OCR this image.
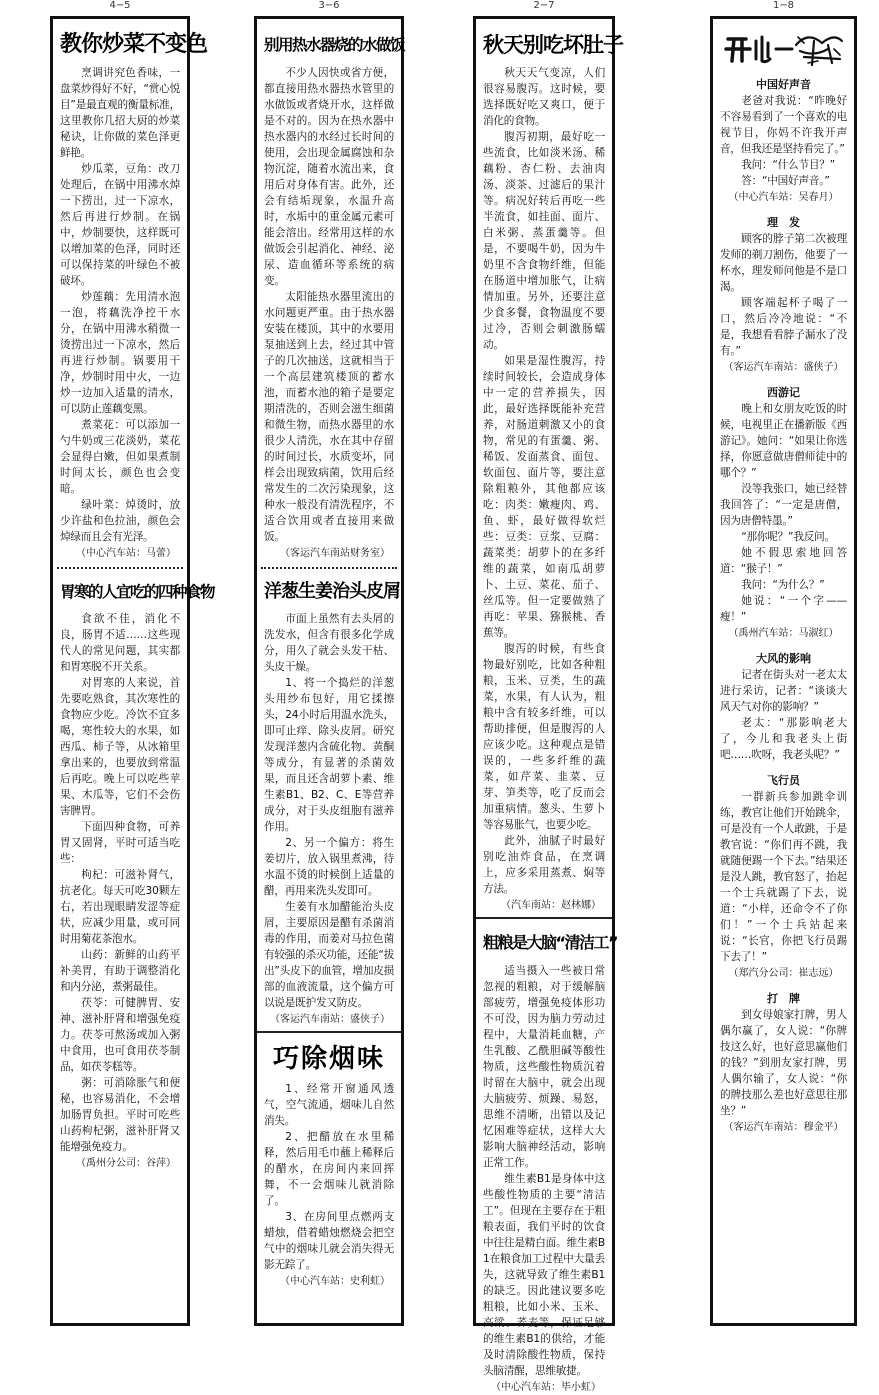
4−5	3−6	2−7	1−8
教你炒菜不变色

烹调讲究色香味，一盘菜炒得好不好，“赏心悦目”是最直观的衡量标准，这里教你几招大厨的炒菜秘诀，让你做的菜色泽更鲜艳。

炒瓜菜，豆角：改刀处理后，在锅中用沸水焯一下捞出，过一下凉水，然后再进行炒制。在锅中，炒制要快，这样既可以增加菜的色泽，同时还可以保持菜的叶绿色不被破坏。

炒莲藕：先用清水泡一泡，将藕洗净控干水分，在锅中用沸水稍微一烫捞出过一下凉水，然后再进行炒制。锅要用干净，炒制时用中火，一边炒一边加入适量的清水，可以防止莲藕变黑。

煮菜花：可以添加一勺牛奶或三花淡奶，菜花会显得白嫩，但如果煮制时间太长，颜色也会变暗。

绿叶菜：焯烫时，放少许盐和色拉油，颜色会焯绿而且会有光泽。

（中心汽车站：马蕾）
胃寒的人宜吃的四种食物

食欲不佳，消化不良，肠胃不适……这些现代人的常见问题，其实都和胃寒脱不开关系。

对胃寒的人来说，首先要吃熟食，其次寒性的食物应少吃。冷饮不宜多喝，寒性较大的水果，如西瓜、柿子等，从冰箱里拿出来的，也要放到常温后再吃。晚上可以吃些苹果、木瓜等，它们不会伤害脾胃。

下面四种食物，可养胃又固肾，平时可适当吃些：

枸杞：可滋补肾气，抗老化。每天可吃30颗左右，若出现眼睛发涩等症状，应减少用量，或可同时用菊花茶泡水。

山药：新鲜的山药平补美胃，有助于调整消化和内分泌，煮粥最佳。

茯苓：可健脾胃、安神、滋补肝肾和增强免疫力。茯苓可熬汤或加入粥中食用，也可食用茯苓制品，如茯苓糕等。

粥：可消除胀气和便秘，也容易消化，不会增加肠胃负担。平时可吃些山药枸杞粥，滋补肝肾又能增强免疫力。

（禹州分公司：谷萍）
别用热水器烧的水做饭

不少人因快或省方便，都直接用热水器热水管里的水做饭或者烧开水，这样做是不对的。因为在热水器中热水器内的水经过长时间的使用，会出现金属腐蚀和杂物沉淀，随着水流出来，食用后对身体有害。此外，还会有结垢现象，水温升高时，水垢中的重金属元素可能会溶出。经常用这样的水做饭会引起消化、神经、泌尿、造血循环等系统的病变。

太阳能热水器里流出的水问题更严重。由于热水器安装在楼顶，其中的水要用泵抽送到上去，经过其中管子的几次抽送，这就相当于一个高层建筑楼顶的蓄水池，而蓄水池的箱子是要定期清洗的，否则会滋生细菌和微生物，而热水器里的水很少人清洗，水在其中存留的时间过长，水质变坏，同样会出现致病菌，饮用后经常发生的二次污染现象，这种水一般没有清洗程序，不适合饮用或者直接用来做饭。

（客运汽车南站财务室）
洋葱生姜治头皮屑

市面上虽然有去头屑的洗发水，但含有很多化学成分，用久了就会头发干枯、头皮干燥。

1、将一个捣烂的洋葱头用纱布包好，用它揉擦头，24小时后用温水洗头，即可止痒、除头皮屑。研究发现洋葱内含硫化物、黄酮等成分，有显著的杀菌效果，而且还含胡萝卜素、维生素B1、B2、C、E等营养成分，对于头皮组胞有滋养作用。

2、另一个偏方：将生姜切片，放入锅里煮沸，待水温不烫的时候倒上适量的醋，再用来洗头发即可。

生姜有水加醋能治头皮屑，主要原因是醋有杀菌消毒的作用，而姜对马拉色菌有较强的杀灭功能，还能“拔出”头皮下的血管，增加皮损部的血液流量，这个偏方可以说是既护发又防皮。

（客运汽车南站：盛侠子）
巧除烟味

1、经常开窗通风透气，空气流通，烟味儿自然消失。

2、把醋放在水里稀释，然后用毛巾蘸上稀释后的醋水，在房间内来回挥舞，不一会烟味儿就消除了。

3、在房间里点燃两支蜡烛，借着蜡烛燃烧会把空气中的烟味儿就会消失得无影无踪了。

（中心汽车站：史利虹）
秋天别吃坏肚子

秋天天气变凉，人们很容易腹泻。这时候，要选择既好吃又爽口，便于消化的食物。

腹泻初期，最好吃一些流食，比如淡米汤、稀藕粉、杏仁粉、去油肉汤、淡茶、过滤后的果汁等。病况好转后再吃一些半流食，如挂面、面片、白米粥、蒸蛋羹等。但是，不要喝牛奶，因为牛奶里不含食物纤维，但能在肠道中增加胀气，让病情加重。另外，还要注意少食多餐，食物温度不要过冷，否则会刺激肠蠕动。

如果是湿性腹泻，持续时间较长，会造成身体中一定的营养损失，因此，最好选择既能补充营养，对肠道刺激又小的食物，常见的有蛋羹、粥、稀饭、发面蒸食、面包、软面包、面片等，要注意除粗粮外，其他都应该吃：肉类：嫩瘦肉、鸡、鱼、虾，最好做得软烂些：豆类：豆浆、豆腐：蔬菜类：胡萝卜的在多纤维的蔬菜，如南瓜胡萝卜、土豆、菜花、茄子、丝瓜等。但一定要做熟了再吃：苹果、猕猴桃、香蕉等。

腹泻的时候，有些食物最好别吃，比如各种粗粮，玉米、豆类，生的蔬菜，水果，有人认为，粗粮中含有较多纤维，可以帮助排便，但是腹泻的人应该少吃。这种观点是错误的，一些多纤维的蔬菜，如芹菜、韭菜、豆芽、笋类等，吃了反而会加重病情。葱头、生萝卜等容易胀气，也要少吃。

此外，油腻子时最好别吃油炸食品，在烹调上，应多采用蒸煮、焖等方法。

（汽车南站：赵林娜）
粗粮是大脑“清洁工”

适当摄入一些被日常忽视的粗粮，对于缓解脑部疲劳，增强免疫体形功不可没，因为脑力劳动过程中，大量消耗血糖，产生乳酸、乙酰胆碱等酸性物质，这些酸性物质沉着时留在大脑中，就会出现大脑疲劳、烦躁、易怒，思维不清晰，出错以及记忆困难等症状，这样大大影响大脑神经活动，影响正常工作。

维生素B1是身体中这些酸性物质的主要“清洁工”。但现在主要存在于粗粮表面，我们平时的饮食中往往是精白面。维生素B1在粮食加工过程中大量丢失，这就导致了维生素B1的缺乏。因此建议要多吃粗粮，比如小米、玉米、高粱、荞麦等，保证足够的维生素B1的供给，才能及时清除酸性物质，保持头脑清醒，思维敏捷。

（中心汽车站：毕小虹）
中国好声音

老爸对我说：“昨晚好不容易看到了一个喜欢的电视节目，你妈不许我开声音，但我还是坚持看完了。”

我问：“什么节目？”

答：“中国好声音。”

（中心汽车站：吴春月）
理　发

顾客的脖子第二次被理发师的剃刀割伤，他要了一杯水，理发师问他是不是口渴。

顾客端起杯子喝了一口，然后冷冷地说：“不是，我想看看脖子漏水了没有。”

（客运汽车南站：盛侠子）
西游记

晚上和女朋友吃饭的时候，电视里正在播新版《西游记》。她问：“如果让你选择，你愿意做唐僧师徒中的哪个？”

没等我张口，她已经替我回答了：“一定是唐僧，因为唐僧特墨。”

“那你呢？”我反问。

她不假思索地回答道：“猴子！”

我问：“为什么？”

她说：“一个字——瘦！”

（禹州汽车站：马淑红）
大风的影响

记者在街头对一老太太进行采访，记者：“谈谈大风天气对你的影响？”

老太：“那影响老大了，今儿和我老头上街吧……吹呀，我老头呢？”

飞行员

一群新兵参加跳伞训练，教官让他们开始跳伞，可是没有一个人敢跳，于是教官说：“你们再不跳，我就随便踢一个下去。”结果还是没人跳，教官怒了，抬起一个士兵就踢了下去，说道：“小样，还命令不了你们！”一个士兵站起来说：“长官，你把飞行员踢下去了！”

（郑汽分公司：崔志远）
打　牌

到女母娘家打牌，男人偶尔赢了，女人说：“你牌技这么好，也好意思赢他们的钱？”到朋友家打牌，男人偶尔输了，女人说：“你的牌技那么差也好意思往那坐？”

（客运汽车南站：穆金平）
